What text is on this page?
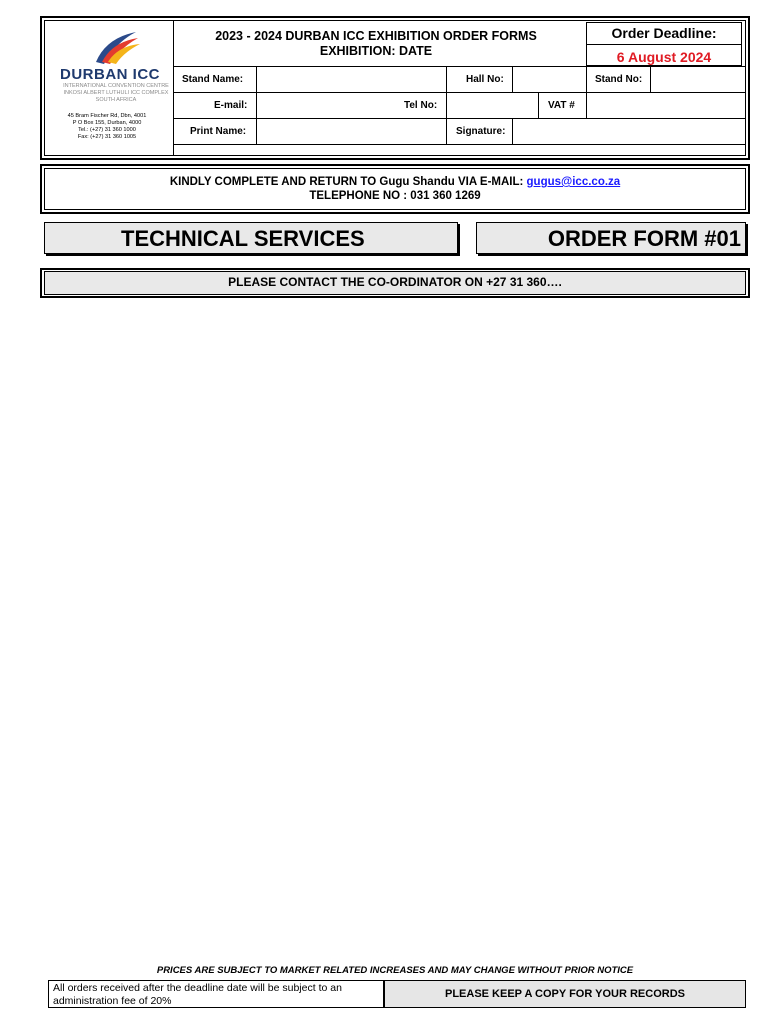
DURBAN ICC
INTERNATIONAL CONVENTION CENTRE
INKOSI ALBERT LUTHULI ICC COMPLEX
SOUTH AFRICA
45 Bram Fischer Rd, Dbn, 4001
P O Box 155, Durban, 4000
Tel.: (+27) 31 360 1000
Fax: (+27) 31 360 1005
2023 - 2024 DURBAN ICC EXHIBITION ORDER FORMS
EXHIBITION: DATE
Order Deadline:
6 August 2024
Stand Name:	Hall No:	Stand No:
E-mail:	Tel No:	VAT #
Print Name:	Signature:
KINDLY COMPLETE AND RETURN TO Gugu Shandu VIA E-MAIL: gugus@icc.co.za
TELEPHONE NO : 031 360 1269
TECHNICAL SERVICES	ORDER FORM #01
PLEASE CONTACT THE CO-ORDINATOR ON +27 31 360….
PRICES ARE SUBJECT TO MARKET RELATED INCREASES AND MAY CHANGE WITHOUT PRIOR NOTICE
All orders received after the deadline date will be subject to an administration fee of 20%
PLEASE KEEP A COPY FOR YOUR RECORDS
